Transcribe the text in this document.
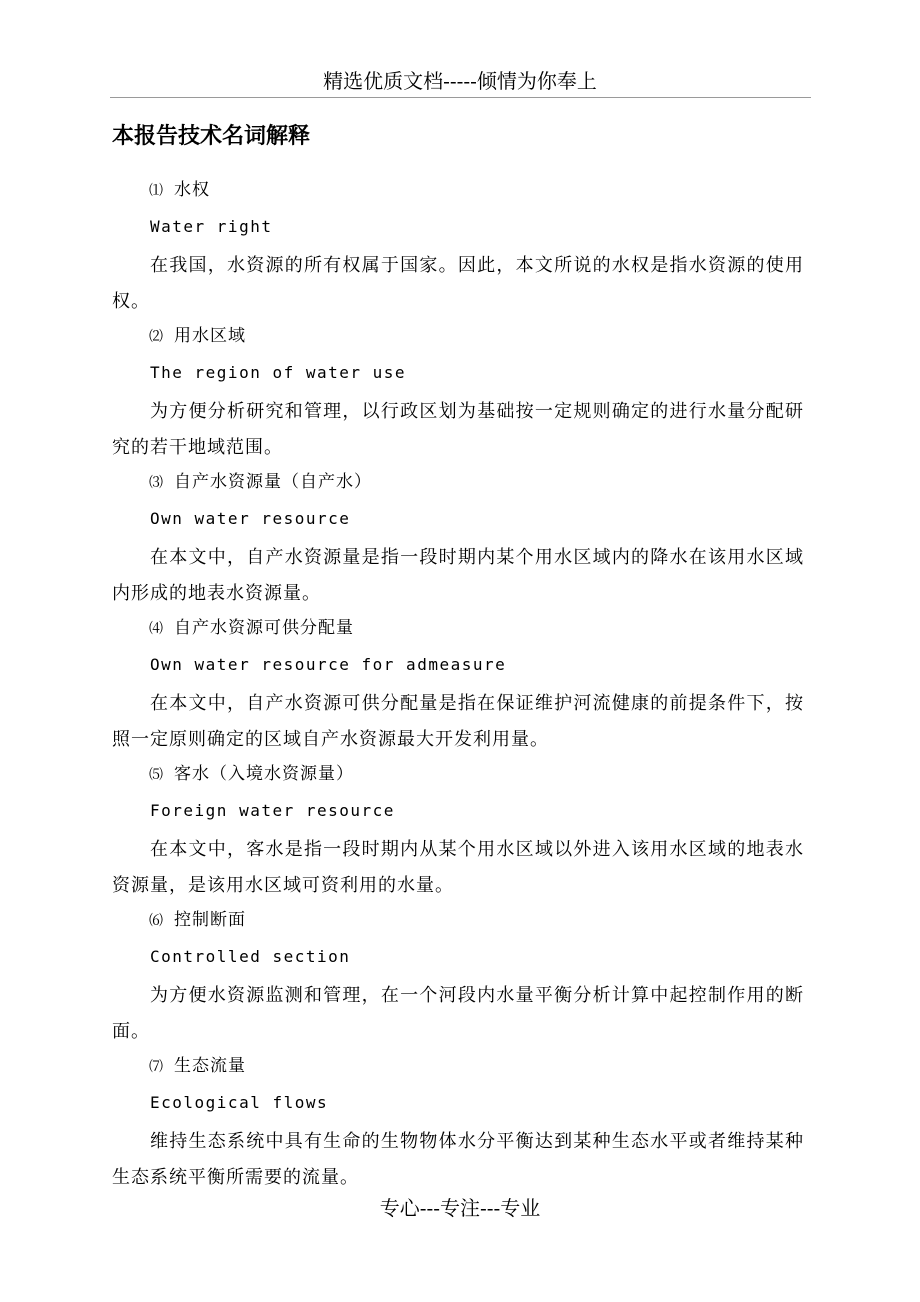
精选优质文档-----倾情为你奉上
本报告技术名词解释
⑴ 水权
Water right
在我国，水资源的所有权属于国家。因此，本文所说的水权是指水资源的使用权。
⑵ 用水区域
The region of water use
为方便分析研究和管理，以行政区划为基础按一定规则确定的进行水量分配研究的若干地域范围。
⑶ 自产水资源量（自产水）
Own water resource
在本文中，自产水资源量是指一段时期内某个用水区域内的降水在该用水区域内形成的地表水资源量。
⑷ 自产水资源可供分配量
Own water resource for admeasure
在本文中，自产水资源可供分配量是指在保证维护河流健康的前提条件下，按照一定原则确定的区域自产水资源最大开发利用量。
⑸ 客水（入境水资源量）
Foreign water resource
在本文中，客水是指一段时期内从某个用水区域以外进入该用水区域的地表水资源量，是该用水区域可资利用的水量。
⑹ 控制断面
Controlled section
为方便水资源监测和管理，在一个河段内水量平衡分析计算中起控制作用的断面。
⑺ 生态流量
Ecological flows
维持生态系统中具有生命的生物物体水分平衡达到某种生态水平或者维持某种生态系统平衡所需要的流量。
专心---专注---专业
